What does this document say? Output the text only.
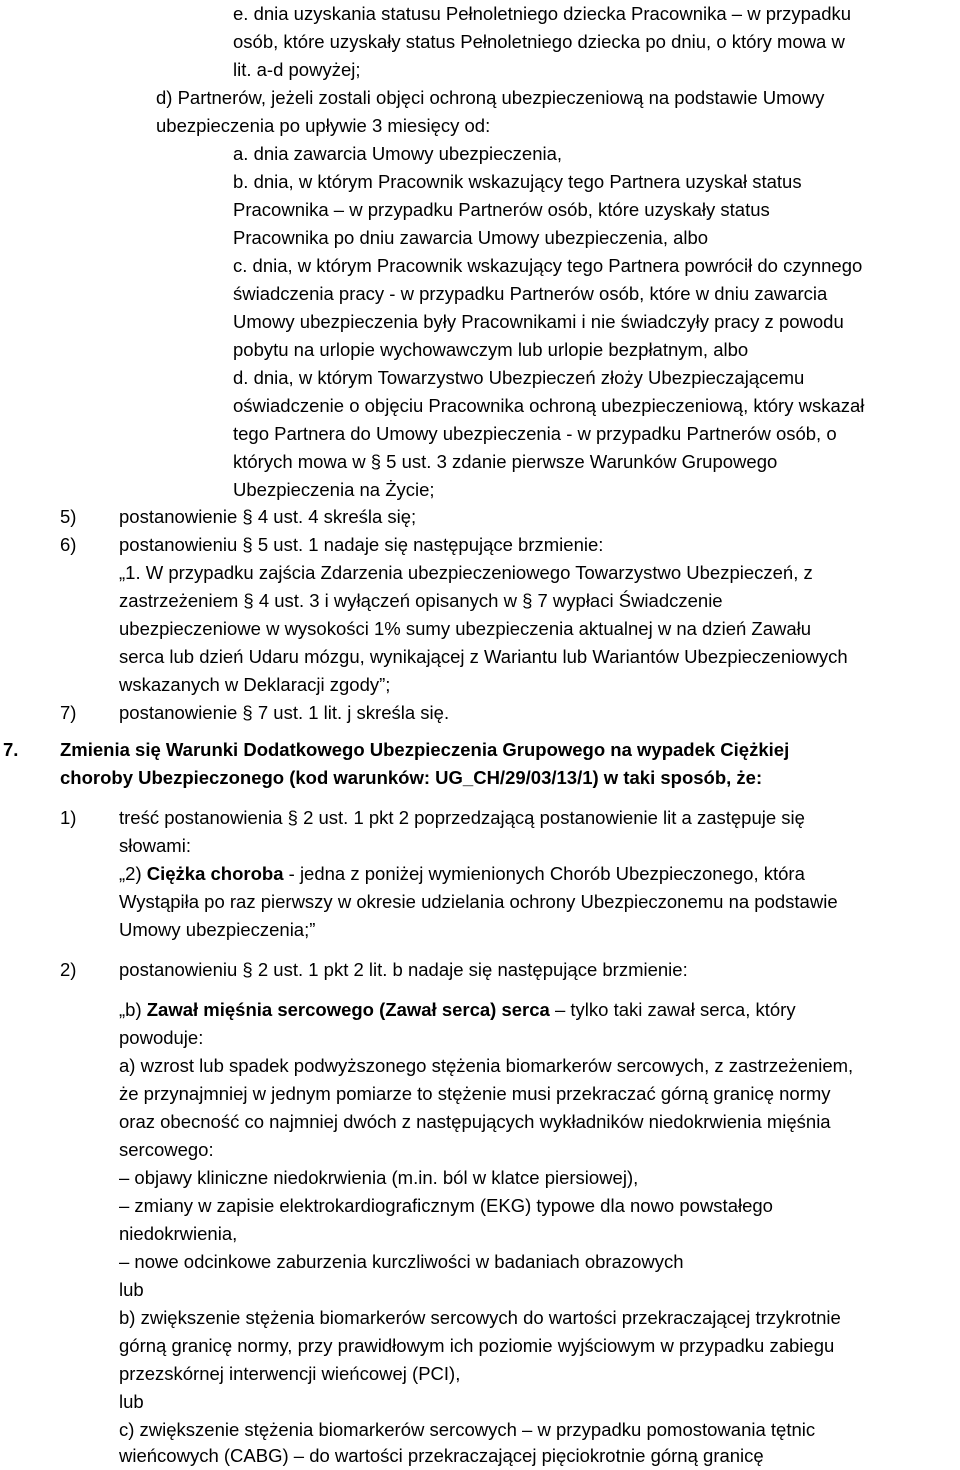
e. dnia uzyskania statusu Pełnoletniego dziecka Pracownika – w przypadku
osób, które uzyskały status Pełnoletniego dziecka po dniu, o który mowa w
lit. a-d powyżej;
d) Partnerów, jeżeli zostali objęci ochroną ubezpieczeniową na podstawie Umowy
ubezpieczenia po upływie 3 miesięcy od:
a. dnia zawarcia Umowy ubezpieczenia,
b. dnia, w którym Pracownik wskazujący tego Partnera uzyskał status
Pracownika – w przypadku Partnerów osób, które uzyskały status
Pracownika po dniu zawarcia Umowy ubezpieczenia, albo
c. dnia, w którym Pracownik wskazujący tego Partnera powrócił do czynnego
świadczenia pracy - w przypadku Partnerów osób, które w dniu zawarcia
Umowy ubezpieczenia były Pracownikami i nie świadczyły pracy z powodu
pobytu na urlopie wychowawczym lub urlopie bezpłatnym, albo
d. dnia, w którym Towarzystwo Ubezpieczeń złoży Ubezpieczającemu
oświadczenie o objęciu Pracownika ochroną ubezpieczeniową, który wskazał
tego Partnera do Umowy ubezpieczenia - w przypadku Partnerów osób, o
których mowa w § 5 ust. 3 zdanie pierwsze Warunków Grupowego
Ubezpieczenia na Życie;
5) postanowienie § 4 ust. 4 skreśla się;
6) postanowieniu § 5 ust. 1 nadaje się następujące brzmienie:
„1. W przypadku zajścia Zdarzenia ubezpieczeniowego Towarzystwo Ubezpieczeń, z
zastrzeżeniem § 4 ust. 3 i wyłączeń opisanych w § 7 wypłaci Świadczenie
ubezpieczeniowe w wysokości 1% sumy ubezpieczenia aktualnej w na dzień Zawału
serca lub dzień Udaru mózgu, wynikającej z Wariantu lub Wariantów Ubezpieczeniowych
wskazanych w Deklaracji zgody”;
7) postanowienie § 7 ust. 1 lit. j skreśla się.
7. Zmienia się Warunki Dodatkowego Ubezpieczenia Grupowego na wypadek Ciężkiej
choroby Ubezpieczonego (kod warunków: UG_CH/29/03/13/1) w taki sposób, że:
1) treść postanowienia § 2 ust. 1 pkt 2 poprzedzającą postanowienie lit a zastępuje się
słowami:
„2) Ciężka choroba - jedna z poniżej wymienionych Chorób Ubezpieczonego, która
Wystąpiła po raz pierwszy w okresie udzielania ochrony Ubezpieczonemu na podstawie
Umowy ubezpieczenia;”
2) postanowieniu § 2 ust. 1 pkt 2 lit. b nadaje się następujące brzmienie:
„b) Zawał mięśnia sercowego (Zawał serca) serca – tylko taki zawał serca, który
powoduje:
a) wzrost lub spadek podwyższonego stężenia biomarkerów sercowych, z zastrzeżeniem,
że przynajmniej w jednym pomiarze to stężenie musi przekraczać górną granicę normy
oraz obecność co najmniej dwóch z następujących wykładników niedokrwienia mięśnia
sercowego:
– objawy kliniczne niedokrwienia (m.in. ból w klatce piersiowej),
– zmiany w zapisie elektrokardiograficznym (EKG) typowe dla nowo powstałego
niedokrwienia,
– nowe odcinkowe zaburzenia kurczliwości w badaniach obrazowych
lub
b) zwiększenie stężenia biomarkerów sercowych do wartości przekraczającej trzykrotnie
górną granicę normy, przy prawidłowym ich poziomie wyjściowym w przypadku zabiegu
przezskórnej interwencji wieńcowej (PCI),
lub
c) zwiększenie stężenia biomarkerów sercowych – w przypadku pomostowania tętnic
wieńcowych (CABG) – do wartości przekraczającej pięciokrotnie górną granicę
